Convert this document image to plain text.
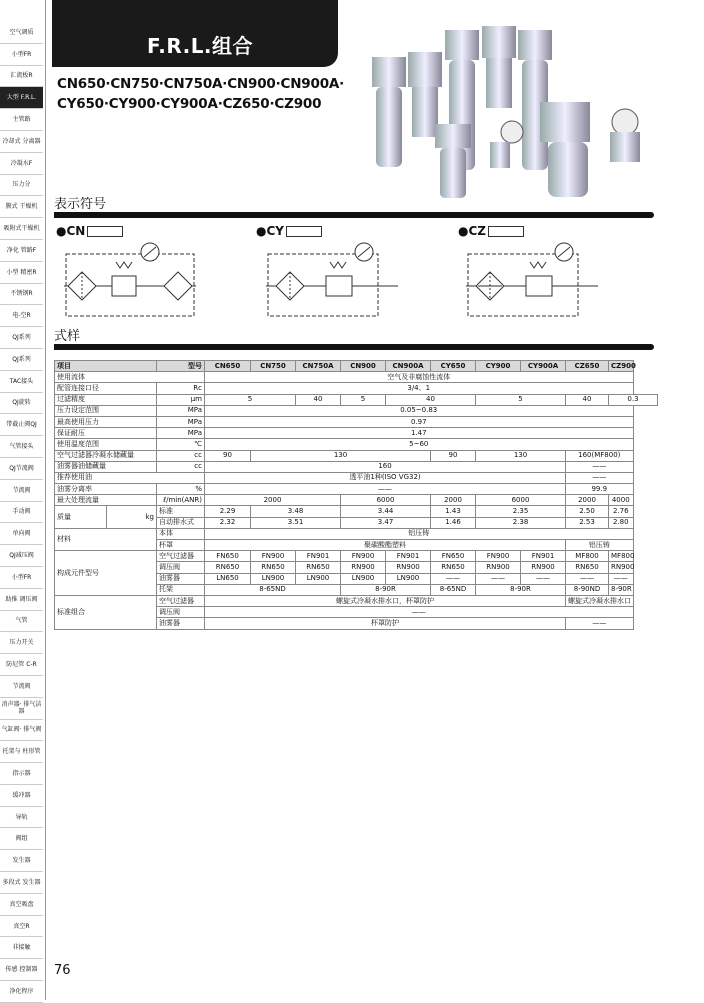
空气调质
小型FR
汇流板R
大型 F.R.L.
主管路
冷却式 分离器
冷凝水F
压力分
膜式 干燥机
吸附式干燥机
净化 管路F
小型 精密R
不锈钢R
电-空R
QJ系列
QJ系列
TAC接头
QJ旋转
带截止阀QJ
气管接头
QJ节流阀
节流阀
手动阀
单向阀
QJ减压阀
小型FR
助推 调压阀
气管
压力开关
防尼管 C-R
节流阀
消声器· 排气洁器
气缸阀· 排气阀
托架与 柱形管
指示器
缓冲器
导轨
阀组
发生器
多段式 发生器
真空吸盘
真空R
非接触
传感 控制器
净化程序
F.R.L.组合
CN650·CN750·CN750A·CN900·CN900A·
CY650·CY900·CY900A·CZ650·CZ900
表示符号
●CN	●CY	●CZ
式样
项目		型号	CN650	CN750	CN750A	CN900	CN900A	CY650	CY900	CY900A	CZ650	CZ900
使用流体			空气及非腐蚀性流体									
配管连接口径		Rc	3/4、1									
过滤精度		μm	5		40	5	40		5		40	0.3
压力设定范围		MPa	0.05~0.83									
最高使用压力		MPa	0.97									
保证耐压		MPa	1.47									
使用温度范围		℃	5~60									
空气过滤器冷凝水储藏量		cc	90	130				90	130		160(MF800)	
油雾器油储藏量		cc	160								——	
推荐使用油			透平油1种(ISO VG32)								——	
油雾分离率		%	——								99.9	
最大处理流量		ℓ/min(ANR)	2000			6000		2000	6000		2000	4000
质量	kg	标准	2.29	3.48		3.44		1.43	2.35		2.50	2.76
		自动排水式	2.32	3.51		3.47		1.46	2.38		2.53	2.80
材料		本体	铝压铸									
		杯罩	聚碳酸酯塑料								铝压铸	
构成元件型号		空气过滤器	FN650	FN900	FN901	FN900	FN901	FN650	FN900	FN901	MF800	MF800
		调压阀	RN650	RN650	RN650	RN900	RN900	RN650	RN900	RN900	RN650	RN900
		油雾器	LN650	LN900	LN900	LN900	LN900	——	——	——	——	——
		托架	8-65ND			8-90R		8-65ND	8-90R		8-90ND	8-90R
标准组合		空气过滤器	螺旋式冷凝水排水口，杯罩防护								螺旋式冷凝水排水口	
		调压阀	——									
		油雾器	杯罩防护								——	
76
